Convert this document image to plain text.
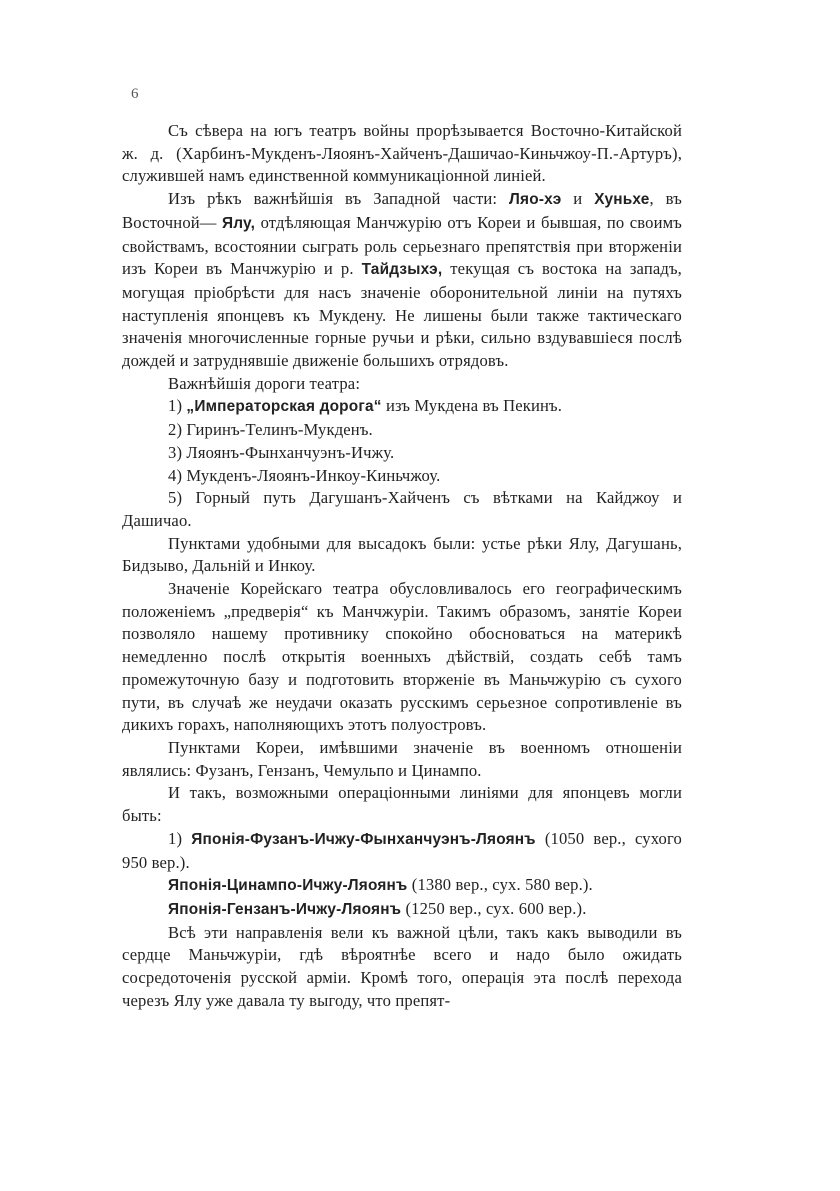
6

Съ сѣвера на югъ театръ войны прорѣзывается Восточно-Китайской ж. д. (Харбинъ-Мукденъ-Ляоянъ-Хайченъ-Дашичао-Киньчжоу-П.-Артуръ), служившей намъ единственной коммуникаціонной линіей.

Изъ рѣкъ важнѣйшія въ Западной части: Ляо-хэ и Хуньхе, въ Восточной— Ялу, отдѣляющая Манчжурію отъ Кореи и бывшая, по своимъ свойствамъ, всостоянии сыграть роль серьезнаго препятствія при вторженіи изъ Кореи въ Манчжурію и р. Тайдзыхэ, текущая съ востока на западъ, могущая пріобрѣсти для насъ значеніе оборонительной линіи на путяхъ наступленія японцевъ къ Мукдену. Не лишены были также тактическаго значенія многочисленные горные ручьи и рѣки, сильно вздувавшіеся послѣ дождей и затруднявшіе движеніе большихъ отрядовъ.

Важнѣйшія дороги театра:

1) „Императорская дорога“ изъ Мукдена въ Пекинъ.

2) Гиринъ-Телинъ-Мукденъ.

3) Ляоянъ-Фынханчуэнъ-Ичжу.

4) Мукденъ-Ляоянъ-Инкоу-Киньчжоу.

5) Горный путь Дагушанъ-Хайченъ съ вѣтками на Кайджоу и Дашичао.

Пунктами удобными для высадокъ были: устье рѣки Ялу, Дагушань, Бидзыво, Дальній и Инкоу.

Значеніе Корейскаго театра обусловливалось его географическимъ положеніемъ „предверія“ къ Манчжуріи. Такимъ образомъ, занятіе Кореи позволяло нашему противнику спокойно обосноваться на материкѣ немедленно послѣ открытія военныхъ дѣйствій, создать себѣ тамъ промежуточную базу и подготовить вторженіе въ Маньчжурію съ сухого пути, въ случаѣ же неудачи оказать русскимъ серьезное сопротивленіе въ дикихъ горахъ, наполняющихъ этотъ полуостровъ.

Пунктами Кореи, имѣвшими значеніе въ военномъ отношеніи являлись: Фузанъ, Гензанъ, Чемульпо и Цинампо.

И такъ, возможными операціонными линіями для японцевъ могли быть:

1) Японія-Фузанъ-Ичжу-Фынханчуэнъ-Ляоянъ (1050 вер., сухого 950 вер.).

Японія-Цинампо-Ичжу-Ляоянъ (1380 вер., сух. 580 вер.).

Японія-Гензанъ-Ичжу-Ляоянъ (1250 вер., сух. 600 вер.).

Всѣ эти направленія вели къ важной цѣли, такъ какъ выводили въ сердце Маньчжуріи, гдѣ вѣроятнѣе всего и надо было ожидать сосредоточенія русской арміи. Кромѣ того, операція эта послѣ перехода черезъ Ялу уже давала ту выгоду, что препят-
